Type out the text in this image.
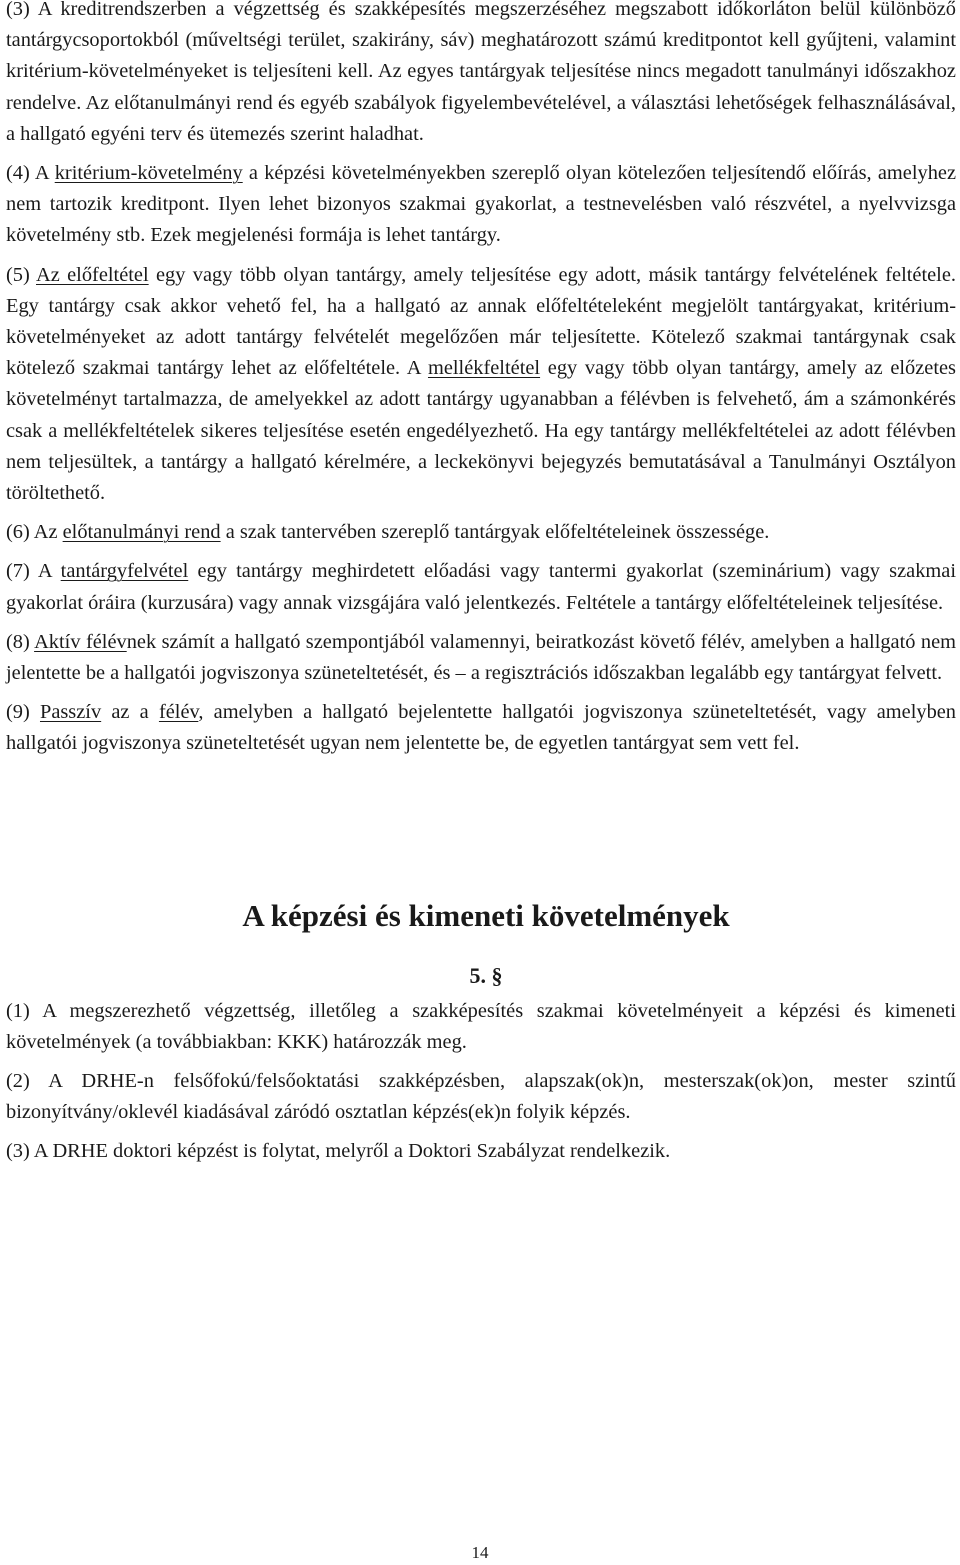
(3) A kreditrendszerben a végzettség és szakképesítés megszerzéséhez megszabott időkorláton belül különböző tantárgycsoportokból (műveltségi terület, szakirány, sáv) meghatározott számú kreditpontot kell gyűjteni, valamint kritérium-követelményeket is teljesíteni kell. Az egyes tantárgyak teljesítése nincs megadott tanulmányi időszakhoz rendelve. Az előtanulmányi rend és egyéb szabályok figyelembevételével, a választási lehetőségek felhasználásával, a hallgató egyéni terv és ütemezés szerint haladhat.

(4) A kritérium-követelmény a képzési követelményekben szereplő olyan kötelezően teljesítendő előírás, amelyhez nem tartozik kreditpont. Ilyen lehet bizonyos szakmai gyakorlat, a testnevelésben való részvétel, a nyelvvizsga követelmény stb. Ezek megjelenési formája is lehet tantárgy.

(5) Az előfeltétel egy vagy több olyan tantárgy, amely teljesítése egy adott, másik tantárgy felvételének feltétele. Egy tantárgy csak akkor vehető fel, ha a hallgató az annak előfeltételeként megjelölt tantárgyakat, kritérium-követelményeket az adott tantárgy felvételét megelőzően már teljesítette. Kötelező szakmai tantárgynak csak kötelező szakmai tantárgy lehet az előfeltétele. A mellékfeltétel egy vagy több olyan tantárgy, amely az előzetes követelményt tartalmazza, de amelyekkel az adott tantárgy ugyanabban a félévben is felvehető, ám a számonkérés csak a mellékfeltételek sikeres teljesítése esetén engedélyezhető. Ha egy tantárgy mellékfeltételei az adott félévben nem teljesültek, a tantárgy a hallgató kérelmére, a leckekönyvi bejegyzés bemutatásával a Tanulmányi Osztályon töröltethető.

(6) Az előtanulmányi rend a szak tantervében szereplő tantárgyak előfeltételeinek összessége.

(7) A tantárgyfelvétel egy tantárgy meghirdetett előadási vagy tantermi gyakorlat (szeminárium) vagy szakmai gyakorlat óráira (kurzusára) vagy annak vizsgájára való jelentkezés. Feltétele a tantárgy előfeltételeinek teljesítése.

(8) Aktív félévnek számít a hallgató szempontjából valamennyi, beiratkozást követő félév, amelyben a hallgató nem jelentette be a hallgatói jogviszonya szüneteltetését, és – a regisztrációs időszakban legalább egy tantárgyat felvett.

(9) Passzív az a félév, amelyben a hallgató bejelentette hallgatói jogviszonya szüneteltetését, vagy amelyben hallgatói jogviszonya szüneteltetését ugyan nem jelentette be, de egyetlen tantárgyat sem vett fel.

A képzési és kimeneti követelmények
5. §

(1) A megszerezhető végzettség, illetőleg a szakképesítés szakmai követelményeit a képzési és kimeneti követelmények (a továbbiakban: KKK) határozzák meg.

(2) A DRHE-n felsőfokú/felsőoktatási szakképzésben, alapszak(ok)n, mesterszak(ok)on, mester szintű bizonyítvány/oklevél kiadásával záródó osztatlan képzés(ek)n folyik képzés.

(3) A DRHE doktori képzést is folytat, melyről a Doktori Szabályzat rendelkezik.

14
